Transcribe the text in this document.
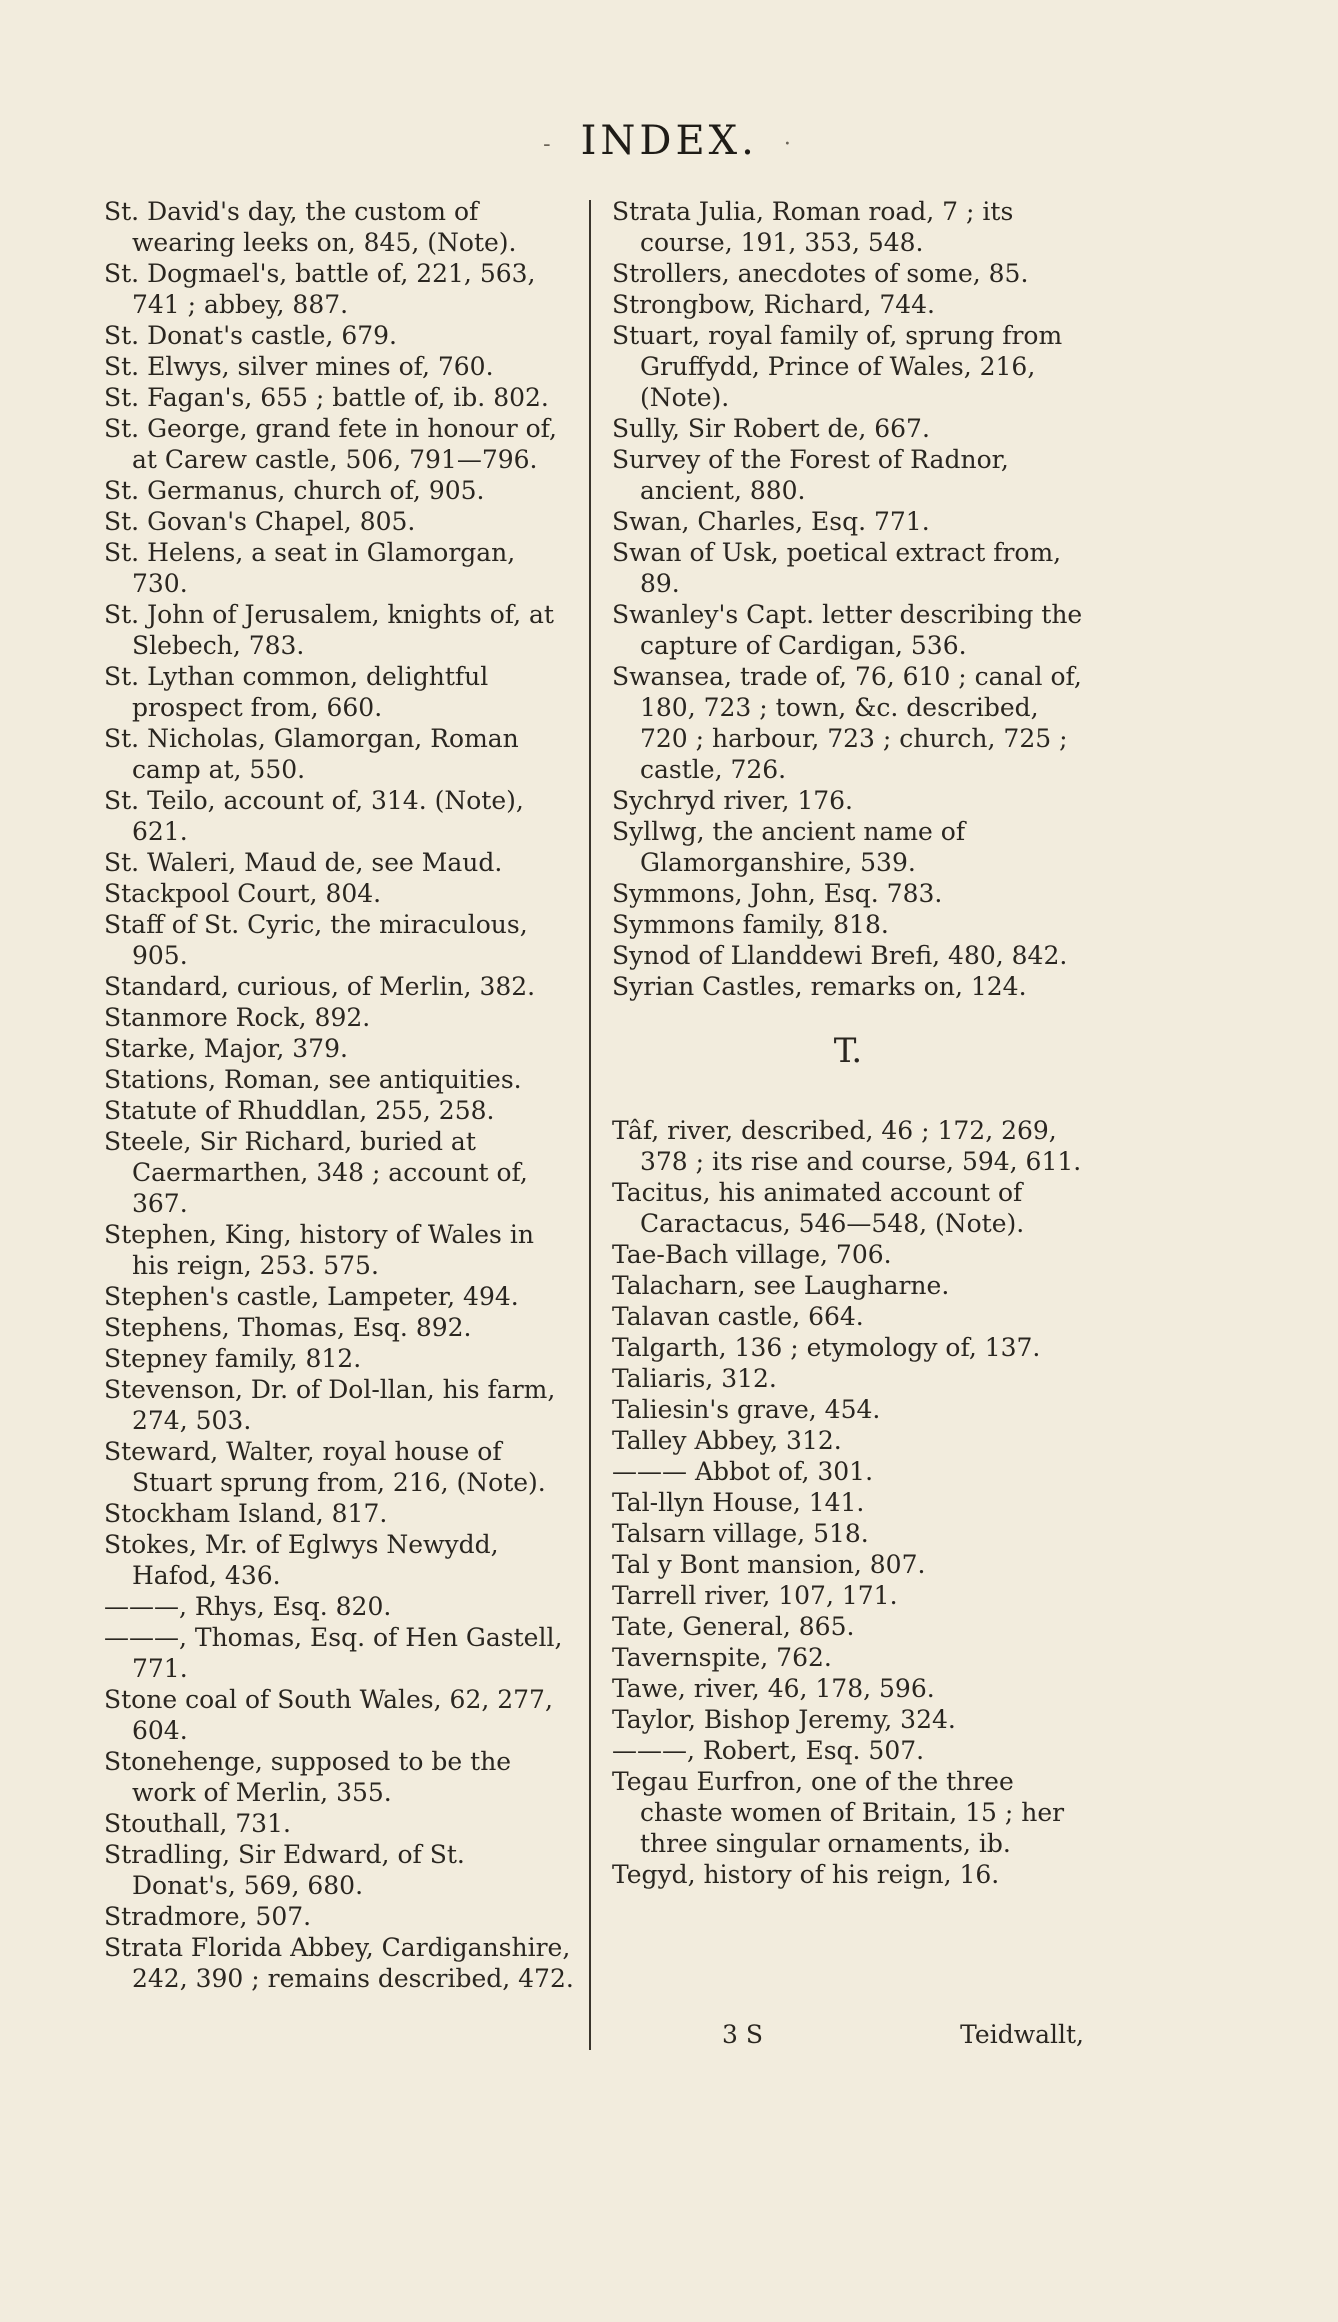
- INDEX. ·

St. David's day, the custom of wearing leeks on, 845, (Note).

St. Dogmael's, battle of, 221, 563, 741 ; abbey, 887.

St. Donat's castle, 679.

St. Elwys, silver mines of, 760.

St. Fagan's, 655 ; battle of, ib. 802.

St. George, grand fete in honour of, at Carew castle, 506, 791—796.

St. Germanus, church of, 905.

St. Govan's Chapel, 805.

St. Helens, a seat in Glamorgan, 730.

St. John of Jerusalem, knights of, at Slebech, 783.

St. Lythan common, delightful prospect from, 660.

St. Nicholas, Glamorgan, Roman camp at, 550.

St. Teilo, account of, 314. (Note), 621.

St. Waleri, Maud de, see Maud.

Stackpool Court, 804.

Staff of St. Cyric, the miraculous, 905.

Standard, curious, of Merlin, 382.

Stanmore Rock, 892.

Starke, Major, 379.

Stations, Roman, see antiquities.

Statute of Rhuddlan, 255, 258.

Steele, Sir Richard, buried at Caermarthen, 348 ; account of, 367.

Stephen, King, history of Wales in his reign, 253. 575.

Stephen's castle, Lampeter, 494.

Stephens, Thomas, Esq. 892.

Stepney family, 812.

Stevenson, Dr. of Dol-llan, his farm, 274, 503.

Steward, Walter, royal house of Stuart sprung from, 216, (Note).

Stockham Island, 817.

Stokes, Mr. of Eglwys Newydd, Hafod, 436.

———, Rhys, Esq. 820.

———, Thomas, Esq. of Hen Gastell, 771.

Stone coal of South Wales, 62, 277, 604.

Stonehenge, supposed to be the work of Merlin, 355.

Stouthall, 731.

Stradling, Sir Edward, of St. Donat's, 569, 680.

Stradmore, 507.

Strata Florida Abbey, Cardiganshire, 242, 390 ; remains described, 472.

Strata Julia, Roman road, 7 ; its course, 191, 353, 548.

Strollers, anecdotes of some, 85.

Strongbow, Richard, 744.

Stuart, royal family of, sprung from Gruffydd, Prince of Wales, 216, (Note).

Sully, Sir Robert de, 667.

Survey of the Forest of Radnor, ancient, 880.

Swan, Charles, Esq. 771.

Swan of Usk, poetical extract from, 89.

Swanley's Capt. letter describing the capture of Cardigan, 536.

Swansea, trade of, 76, 610 ; canal of, 180, 723 ; town, &c. described, 720 ; harbour, 723 ; church, 725 ; castle, 726.

Sychryd river, 176.

Syllwg, the ancient name of Glamorganshire, 539.

Symmons, John, Esq. 783.

Symmons family, 818.

Synod of Llanddewi Brefi, 480, 842.

Syrian Castles, remarks on, 124.

T.

Tâf, river, described, 46 ; 172, 269, 378 ; its rise and course, 594, 611.

Tacitus, his animated account of Caractacus, 546—548, (Note).

Tae-Bach village, 706.

Talacharn, see Laugharne.

Talavan castle, 664.

Talgarth, 136 ; etymology of, 137.

Taliaris, 312.

Taliesin's grave, 454.

Talley Abbey, 312.

——— Abbot of, 301.

Tal-llyn House, 141.

Talsarn village, 518.

Tal y Bont mansion, 807.

Tarrell river, 107, 171.

Tate, General, 865.

Tavernspite, 762.

Tawe, river, 46, 178, 596.

Taylor, Bishop Jeremy, 324.

———, Robert, Esq. 507.

Tegau Eurfron, one of the three chaste women of Britain, 15 ; her three singular ornaments, ib.

Tegyd, history of his reign, 16.

3 S	Teidwallt,
